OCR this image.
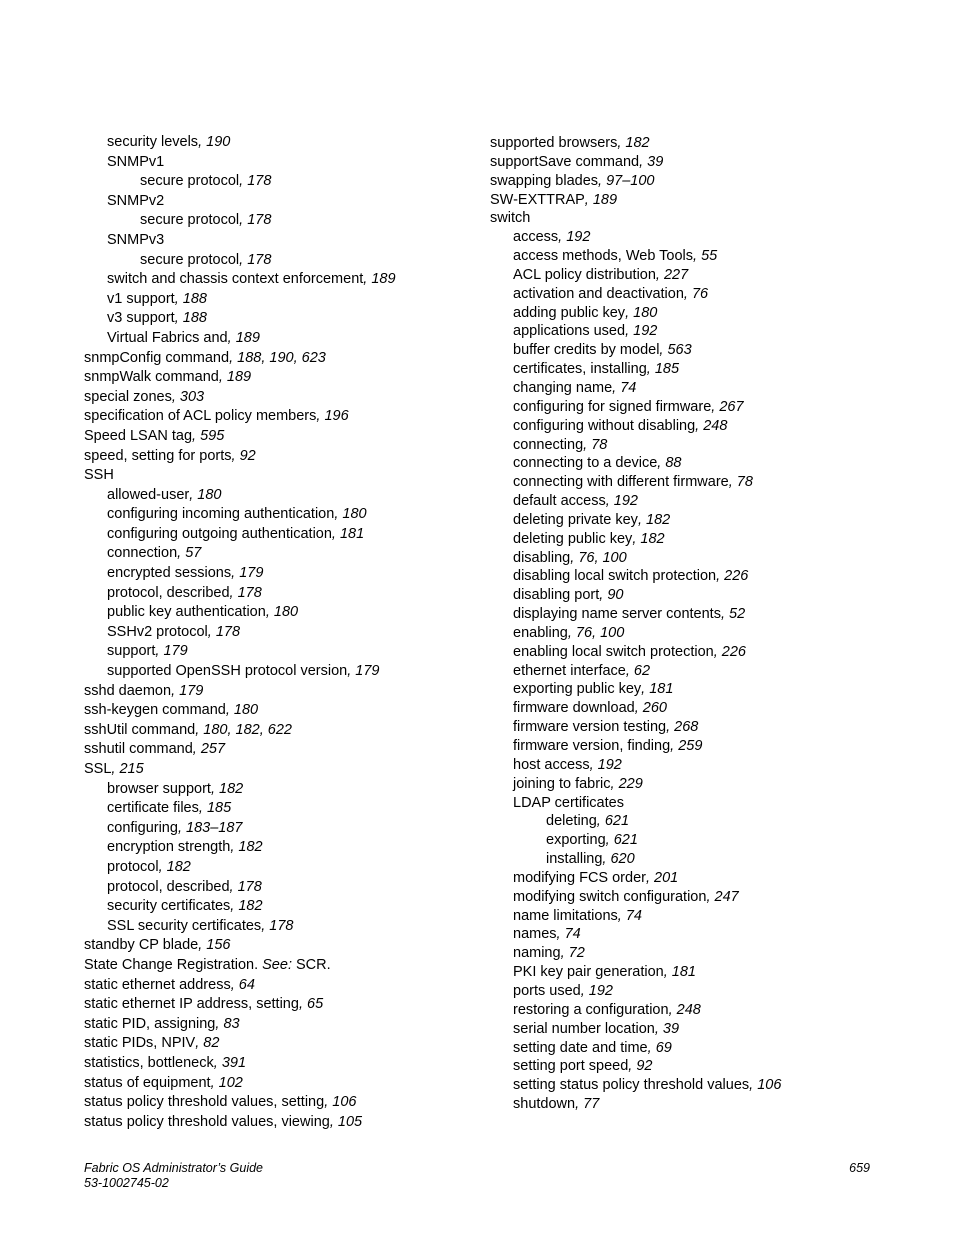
security levels, 190
SNMPv1
secure protocol, 178
SNMPv2
secure protocol, 178
SNMPv3
secure protocol, 178
switch and chassis context enforcement, 189
v1 support, 188
v3 support, 188
Virtual Fabrics and, 189
snmpConfig command, 188, 190, 623
snmpWalk command, 189
special zones, 303
specification of ACL policy members, 196
Speed LSAN tag, 595
speed, setting for ports, 92
SSH
allowed-user, 180
configuring incoming authentication, 180
configuring outgoing authentication, 181
connection, 57
encrypted sessions, 179
protocol, described, 178
public key authentication, 180
SSHv2 protocol, 178
support, 179
supported OpenSSH protocol version, 179
sshd daemon, 179
ssh-keygen command, 180
sshUtil command, 180, 182, 622
sshutil command, 257
SSL, 215
browser support, 182
certificate files, 185
configuring, 183–187
encryption strength, 182
protocol, 182
protocol, described, 178
security certificates, 182
SSL security certificates, 178
standby CP blade, 156
State Change Registration. See: SCR.
static ethernet address, 64
static ethernet IP address, setting, 65
static PID, assigning, 83
static PIDs, NPIV, 82
statistics, bottleneck, 391
status of equipment, 102
status policy threshold values, setting, 106
status policy threshold values, viewing, 105
supported browsers, 182
supportSave command, 39
swapping blades, 97–100
SW-EXTTRAP, 189
switch
access, 192
access methods, Web Tools, 55
ACL policy distribution, 227
activation and deactivation, 76
adding public key, 180
applications used, 192
buffer credits by model, 563
certificates, installing, 185
changing name, 74
configuring for signed firmware, 267
configuring without disabling, 248
connecting, 78
connecting to a device, 88
connecting with different firmware, 78
default access, 192
deleting private key, 182
deleting public key, 182
disabling, 76, 100
disabling local switch protection, 226
disabling port, 90
displaying name server contents, 52
enabling, 76, 100
enabling local switch protection, 226
ethernet interface, 62
exporting public key, 181
firmware download, 260
firmware version testing, 268
firmware version, finding, 259
host access, 192
joining to fabric, 229
LDAP certificates
deleting, 621
exporting, 621
installing, 620
modifying FCS order, 201
modifying switch configuration, 247
name limitations, 74
names, 74
naming, 72
PKI key pair generation, 181
ports used, 192
restoring a configuration, 248
serial number location, 39
setting date and time, 69
setting port speed, 92
setting status policy threshold values, 106
shutdown, 77
Fabric OS Administrator’s Guide
53-1002745-02
659
